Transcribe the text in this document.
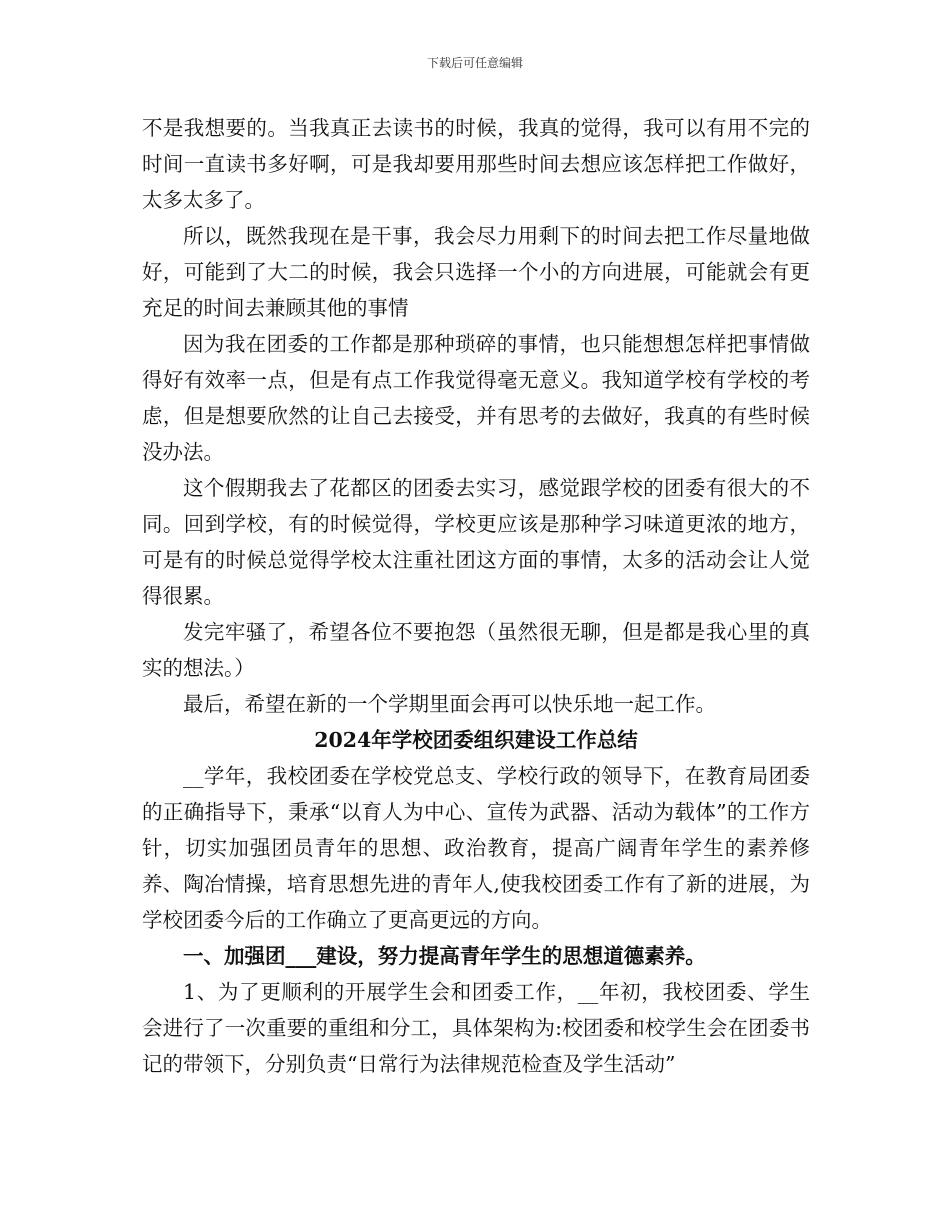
下载后可任意编辑

不是我想要的。当我真正去读书的时候，我真的觉得，我可以有用不完的时间一直读书多好啊，可是我却要用那些时间去想应该怎样把工作做好，太多太多了。

所以，既然我现在是干事，我会尽力用剩下的时间去把工作尽量地做好，可能到了大二的时候，我会只选择一个小的方向进展，可能就会有更充足的时间去兼顾其他的事情

因为我在团委的工作都是那种琐碎的事情，也只能想想怎样把事情做得好有效率一点，但是有点工作我觉得毫无意义。我知道学校有学校的考虑，但是想要欣然的让自己去接受，并有思考的去做好，我真的有些时候没办法。

这个假期我去了花都区的团委去实习，感觉跟学校的团委有很大的不同。回到学校，有的时候觉得，学校更应该是那种学习味道更浓的地方，可是有的时候总觉得学校太注重社团这方面的事情，太多的活动会让人觉得很累。

发完牢骚了，希望各位不要抱怨（虽然很无聊，但是都是我心里的真实的想法。）

最后，希望在新的一个学期里面会再可以快乐地一起工作。

2024年学校团委组织建设工作总结

__学年，我校团委在学校党总支、学校行政的领导下，在教育局团委的正确指导下，秉承“以育人为中心、宣传为武器、活动为载体”的工作方针，切实加强团员青年的思想、政治教育，提高广阔青年学生的素养修养、陶冶情操，培育思想先进的青年人,使我校团委工作有了新的进展，为学校团委今后的工作确立了更高更远的方向。

一、加强团___建设，努力提高青年学生的思想道德素养。

1、为了更顺利的开展学生会和团委工作，__年初，我校团委、学生会进行了一次重要的重组和分工，具体架构为:校团委和校学生会在团委书记的带领下，分别负责“日常行为法律规范检查及学生活动”
